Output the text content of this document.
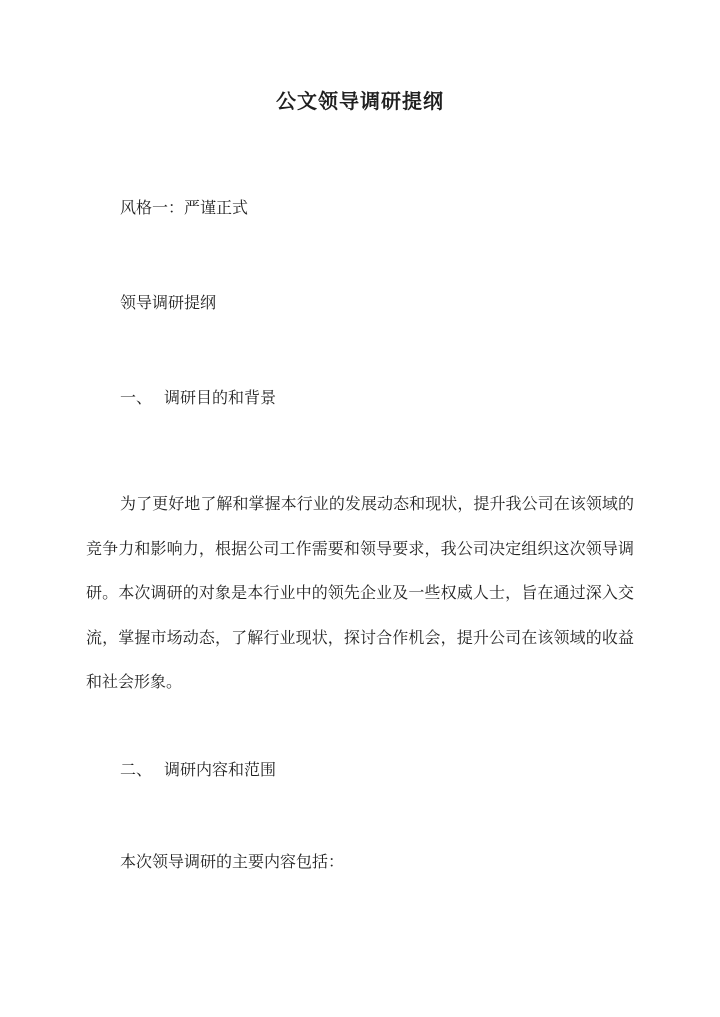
公文领导调研提纲
风格一：严谨正式
领导调研提纲
一、 调研目的和背景
为了更好地了解和掌握本行业的发展动态和现状，提升我公司在该领域的竞争力和影响力，根据公司工作需要和领导要求，我公司决定组织这次领导调研。本次调研的对象是本行业中的领先企业及一些权威人士，旨在通过深入交流，掌握市场动态，了解行业现状，探讨合作机会，提升公司在该领域的收益和社会形象。
二、 调研内容和范围
本次领导调研的主要内容包括：
